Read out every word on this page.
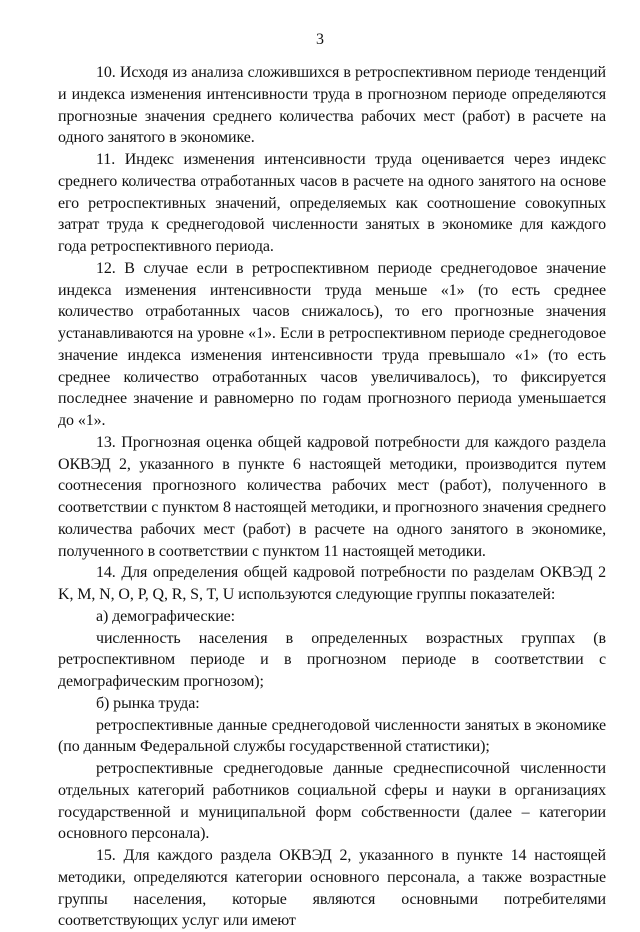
3

10. Исходя из анализа сложившихся в ретроспективном периоде тенденций и индекса изменения интенсивности труда в прогнозном периоде определяются прогнозные значения среднего количества рабочих мест (работ) в расчете на одного занятого в экономике.

11. Индекс изменения интенсивности труда оценивается через индекс среднего количества отработанных часов в расчете на одного занятого на основе его ретроспективных значений, определяемых как соотношение совокупных затрат труда к среднегодовой численности занятых в экономике для каждого года ретроспективного периода.

12. В случае если в ретроспективном периоде среднегодовое значение индекса изменения интенсивности труда меньше «1» (то есть среднее количество отработанных часов снижалось), то его прогнозные значения устанавливаются на уровне «1». Если в ретроспективном периоде среднегодовое значение индекса изменения интенсивности труда превышало «1» (то есть среднее количество отработанных часов увеличивалось), то фиксируется последнее значение и равномерно по годам прогнозного периода уменьшается до «1».

13. Прогнозная оценка общей кадровой потребности для каждого раздела ОКВЭД 2, указанного в пункте 6 настоящей методики, производится путем соотнесения прогнозного количества рабочих мест (работ), полученного в соответствии с пунктом 8 настоящей методики, и прогнозного значения среднего количества рабочих мест (работ) в расчете на одного занятого в экономике, полученного в соответствии с пунктом 11 настоящей методики.

14. Для определения общей кадровой потребности по разделам ОКВЭД 2 K, M, N, O, P, Q, R, S, T, U используются следующие группы показателей:

а) демографические:

численность населения в определенных возрастных группах (в ретроспективном периоде и в прогнозном периоде в соответствии с демографическим прогнозом);

б) рынка труда:

ретроспективные данные среднегодовой численности занятых в экономике (по данным Федеральной службы государственной статистики);

ретроспективные среднегодовые данные среднесписочной численности отдельных категорий работников социальной сферы и науки в организациях государственной и муниципальной форм собственности (далее – категории основного персонала).

15. Для каждого раздела ОКВЭД 2, указанного в пункте 14 настоящей методики, определяются категории основного персонала, а также возрастные группы населения, которые являются основными потребителями соответствующих услуг или имеют
